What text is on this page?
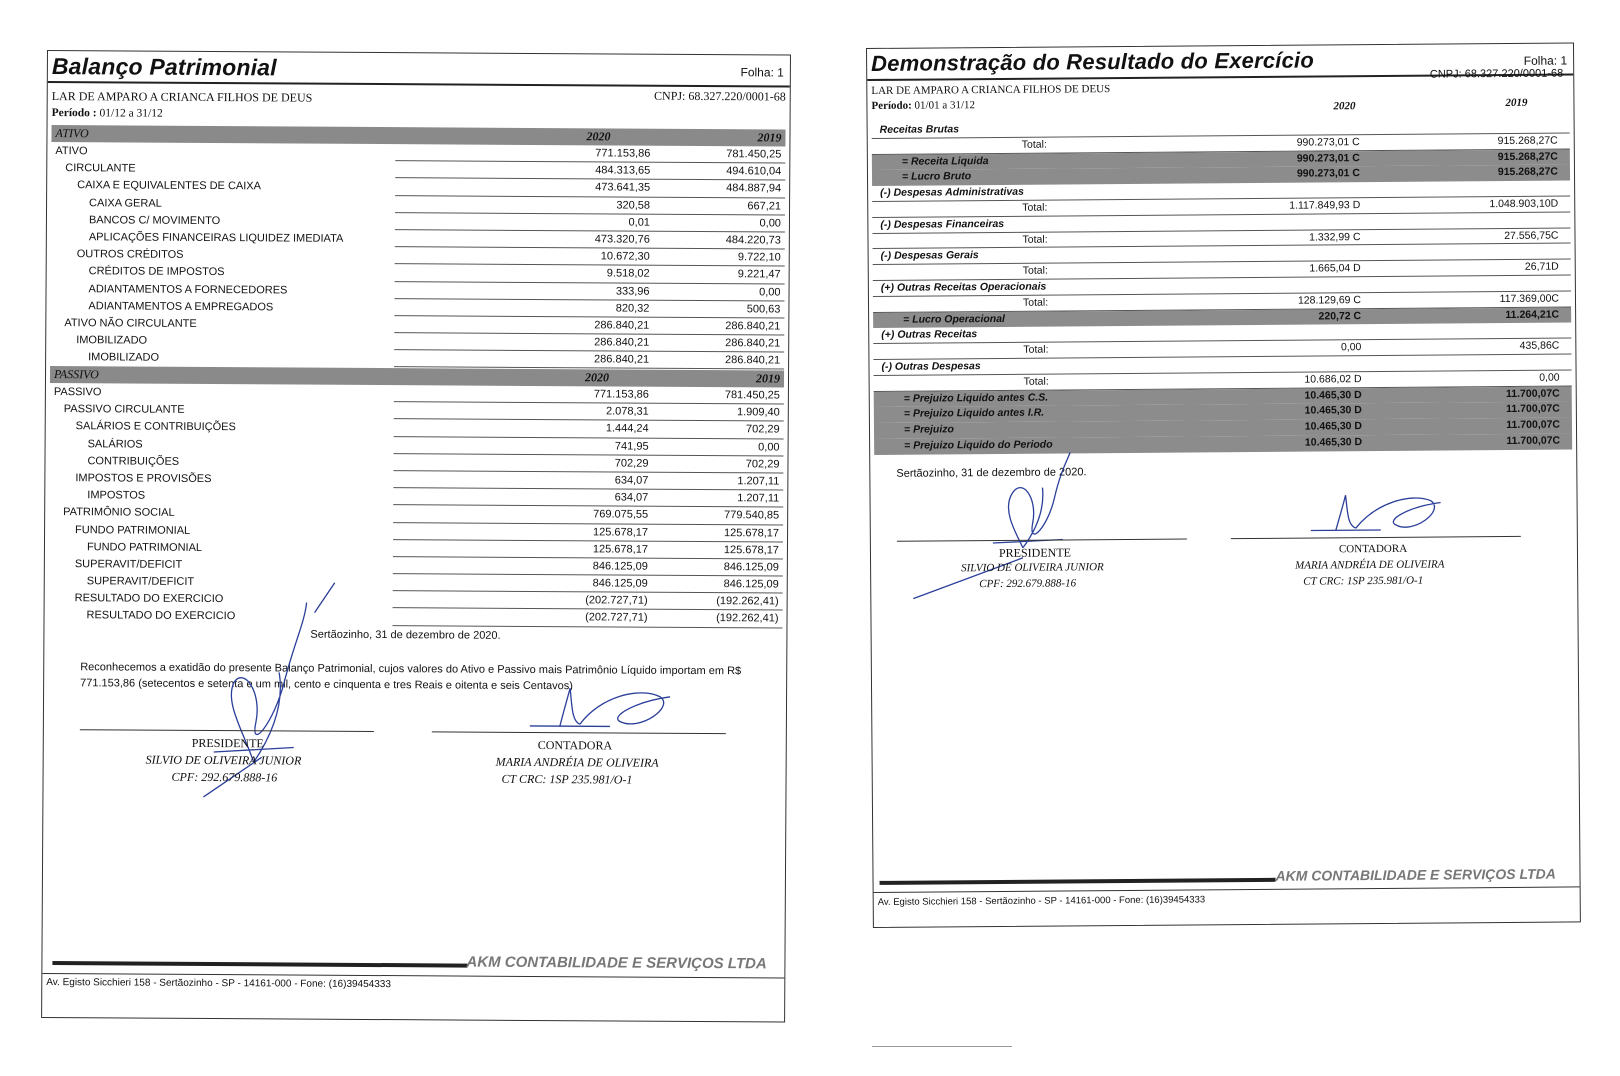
Balanço Patrimonial	Folha: 1
LAR DE AMPARO A CRIANCA FILHOS DE DEUS	CNPJ: 68.327.220/0001-68
Período : 01/12 a 31/12
ATIVO	2020	2019
ATIVO	771.153,86	781.450,25
CIRCULANTE	484.313,65	494.610,04
CAIXA E EQUIVALENTES DE CAIXA	473.641,35	484.887,94
CAIXA GERAL	320,58	667,21
BANCOS C/ MOVIMENTO	0,01	0,00
APLICAÇÕES FINANCEIRAS LIQUIDEZ IMEDIATA	473.320,76	484.220,73
OUTROS CRÉDITOS	10.672,30	9.722,10
CRÉDITOS DE IMPOSTOS	9.518,02	9.221,47
ADIANTAMENTOS A FORNECEDORES	333,96	0,00
ADIANTAMENTOS A EMPREGADOS	820,32	500,63
ATIVO NÃO CIRCULANTE	286.840,21	286.840,21
IMOBILIZADO	286.840,21	286.840,21
IMOBILIZADO	286.840,21	286.840,21
PASSIVO	2020	2019
PASSIVO	771.153,86	781.450,25
PASSIVO CIRCULANTE	2.078,31	1.909,40
SALÁRIOS E CONTRIBUIÇÕES	1.444,24	702,29
SALÁRIOS	741,95	0,00
CONTRIBUIÇÕES	702,29	702,29
IMPOSTOS E PROVISÕES	634,07	1.207,11
IMPOSTOS	634,07	1.207,11
PATRIMÔNIO SOCIAL	769.075,55	779.540,85
FUNDO PATRIMONIAL	125.678,17	125.678,17
FUNDO PATRIMONIAL	125.678,17	125.678,17
SUPERAVIT/DEFICIT	846.125,09	846.125,09
SUPERAVIT/DEFICIT	846.125,09	846.125,09
RESULTADO DO EXERCICIO	(202.727,71)	(192.262,41)
RESULTADO DO EXERCICIO	(202.727,71)	(192.262,41)
Sertãozinho, 31 de dezembro de 2020.
Reconhecemos a exatidão do presente Balanço Patrimonial, cujos valores do Ativo e Passivo mais Patrimônio Líquido importam em R$
771.153,86 (setecentos e setenta e um mil, cento e cinquenta e tres Reais e oitenta e seis Centavos)
PRESIDENTE
SILVIO DE OLIVEIRA JUNIOR
CPF: 292.679.888-16
CONTADORA
MARIA ANDRÉIA DE OLIVEIRA
CT CRC: 1SP 235.981/O-1
AKM CONTABILIDADE E SERVIÇOS LTDA
Av. Egisto Sicchieri 158 - Sertãozinho - SP - 14161-000 - Fone: (16)39454333
Demonstração do Resultado do Exercício	Folha: 1
LAR DE AMPARO A CRIANCA FILHOS DE DEUS
CNPJ: 68.327.220/0001-68
Período: 01/01 a 31/12	2020	2019
Receitas Brutas
Total:	990.273,01 C	915.268,27C
= Receita Liquida	990.273,01 C	915.268,27C
= Lucro Bruto	990.273,01 C	915.268,27C
(-) Despesas Administrativas
Total:	1.117.849,93 D	1.048.903,10D
(-) Despesas Financeiras
Total:	1.332,99 C	27.556,75C
(-) Despesas Gerais
Total:	1.665,04 D	26,71D
(+) Outras Receitas Operacionais
Total:	128.129,69 C	117.369,00C
= Lucro Operacional	220,72 C	11.264,21C
(+) Outras Receitas
Total:	0,00	435,86C
(-) Outras Despesas
Total:	10.686,02 D	0,00
= Prejuizo Liquido antes C.S.	10.465,30 D	11.700,07C
= Prejuizo Liquido antes I.R.	10.465,30 D	11.700,07C
= Prejuizo	10.465,30 D	11.700,07C
= Prejuizo Liquido do Periodo	10.465,30 D	11.700,07C
Sertãozinho, 31 de dezembro de 2020.
PRESIDENTE
SILVIO DE OLIVEIRA JUNIOR
CPF: 292.679.888-16
CONTADORA
MARIA ANDRÉIA DE OLIVEIRA
CT CRC: 1SP 235.981/O-1
AKM CONTABILIDADE E SERVIÇOS LTDA
Av. Egisto Sicchieri 158 - Sertãozinho - SP - 14161-000 - Fone: (16)39454333
